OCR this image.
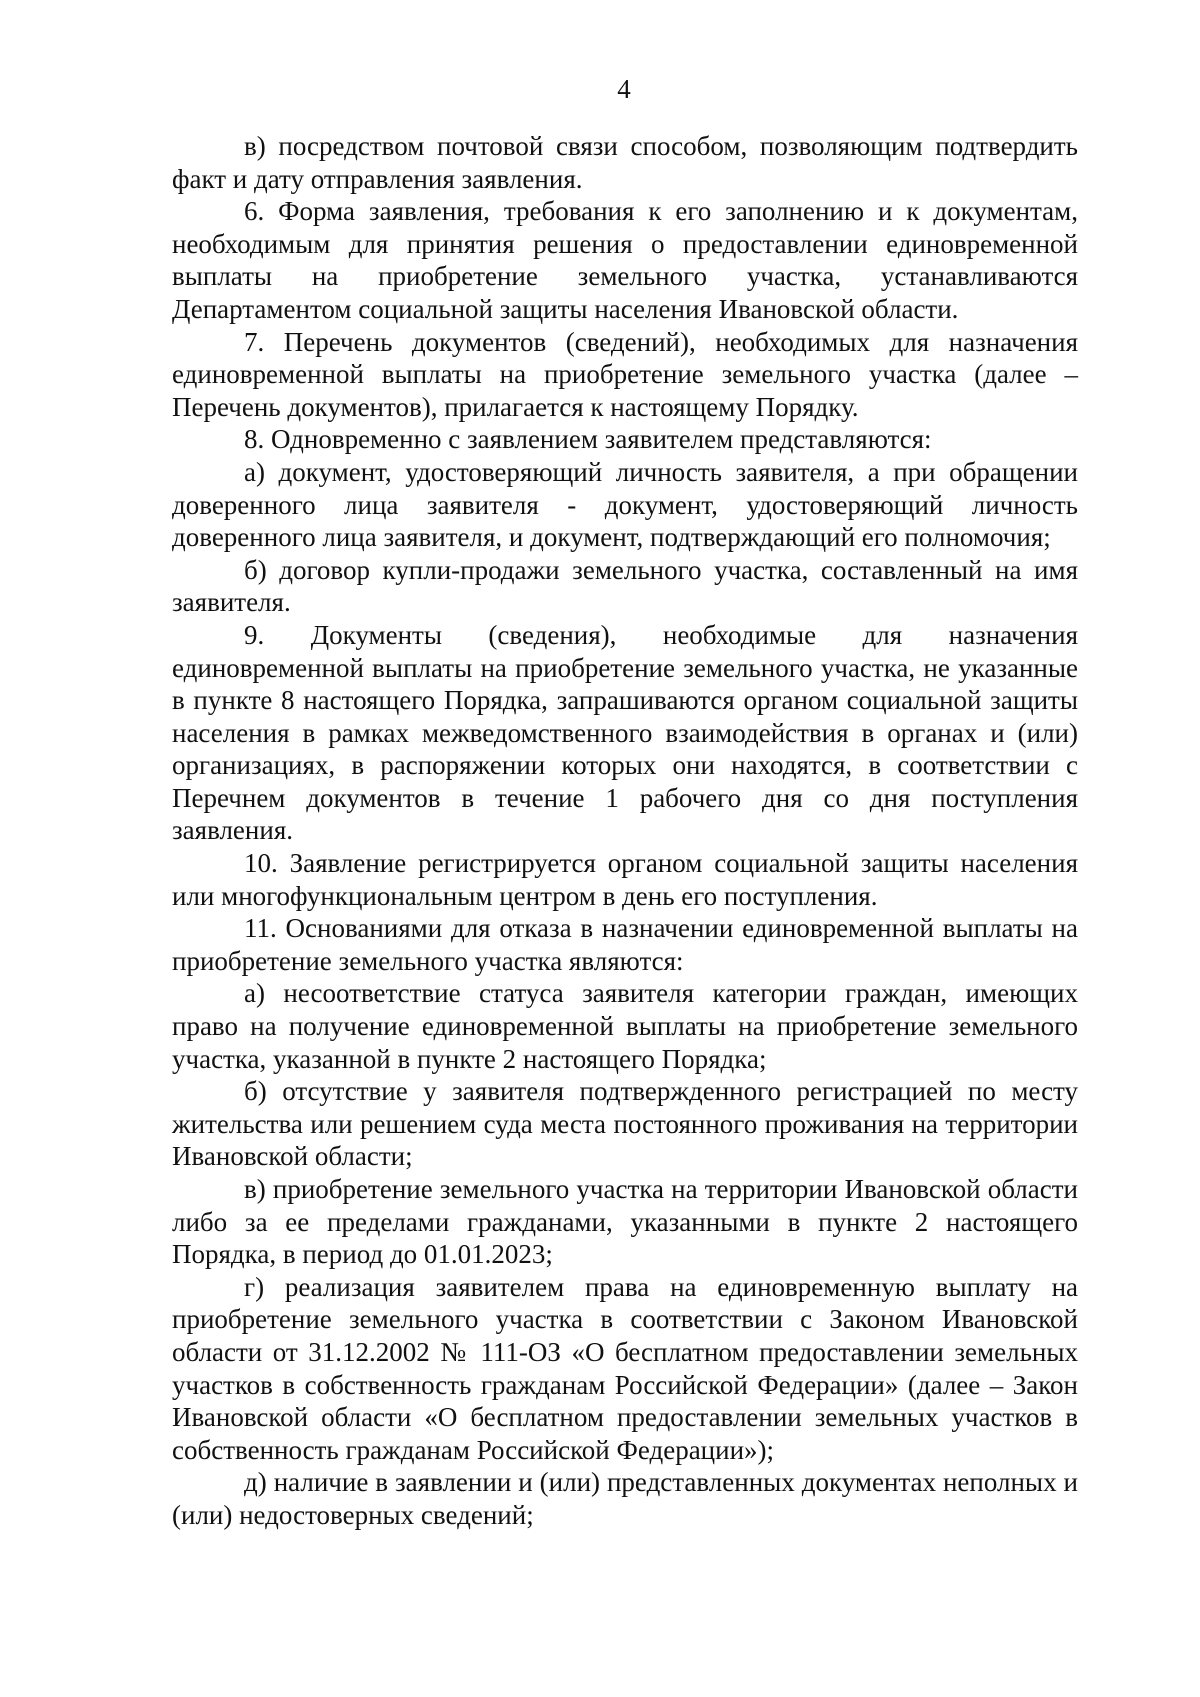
4

в) посредством почтовой связи способом, позволяющим подтвердить факт и дату отправления заявления.

6. Форма заявления, требования к его заполнению и к документам, необходимым для принятия решения о предоставлении единовременной выплаты на приобретение земельного участка, устанавливаются Департаментом социальной защиты населения Ивановской области.

7. Перечень документов (сведений), необходимых для назначения единовременной выплаты на приобретение земельного участка (далее – Перечень документов), прилагается к настоящему Порядку.

8. Одновременно с заявлением заявителем представляются:

а) документ, удостоверяющий личность заявителя, а при обращении доверенного лица заявителя - документ, удостоверяющий личность доверенного лица заявителя, и документ, подтверждающий его полномочия;

б) договор купли-продажи земельного участка, составленный на имя заявителя.

9. Документы (сведения), необходимые для назначения единовременной выплаты на приобретение земельного участка, не указанные в пункте 8 настоящего Порядка, запрашиваются органом социальной защиты населения в рамках межведомственного взаимодействия в органах и (или) организациях, в распоряжении которых они находятся, в соответствии с Перечнем документов в течение 1 рабочего дня со дня поступления заявления.

10. Заявление регистрируется органом социальной защиты населения или многофункциональным центром в день его поступления.

11. Основаниями для отказа в назначении единовременной выплаты на приобретение земельного участка являются:

а) несоответствие статуса заявителя категории граждан, имеющих право на получение единовременной выплаты на приобретение земельного участка, указанной в пункте 2 настоящего Порядка;

б) отсутствие у заявителя подтвержденного регистрацией по месту жительства или решением суда места постоянного проживания на территории Ивановской области;

в) приобретение земельного участка на территории Ивановской области либо за ее пределами гражданами, указанными в пункте 2 настоящего Порядка, в период до 01.01.2023;

г) реализация заявителем права на единовременную выплату на приобретение земельного участка в соответствии с Законом Ивановской области от 31.12.2002 № 111-ОЗ «О бесплатном предоставлении земельных участков в собственность гражданам Российской Федерации» (далее – Закон Ивановской области «О бесплатном предоставлении земельных участков в собственность гражданам Российской Федерации»);

д) наличие в заявлении и (или) представленных документах неполных и (или) недостоверных сведений;
